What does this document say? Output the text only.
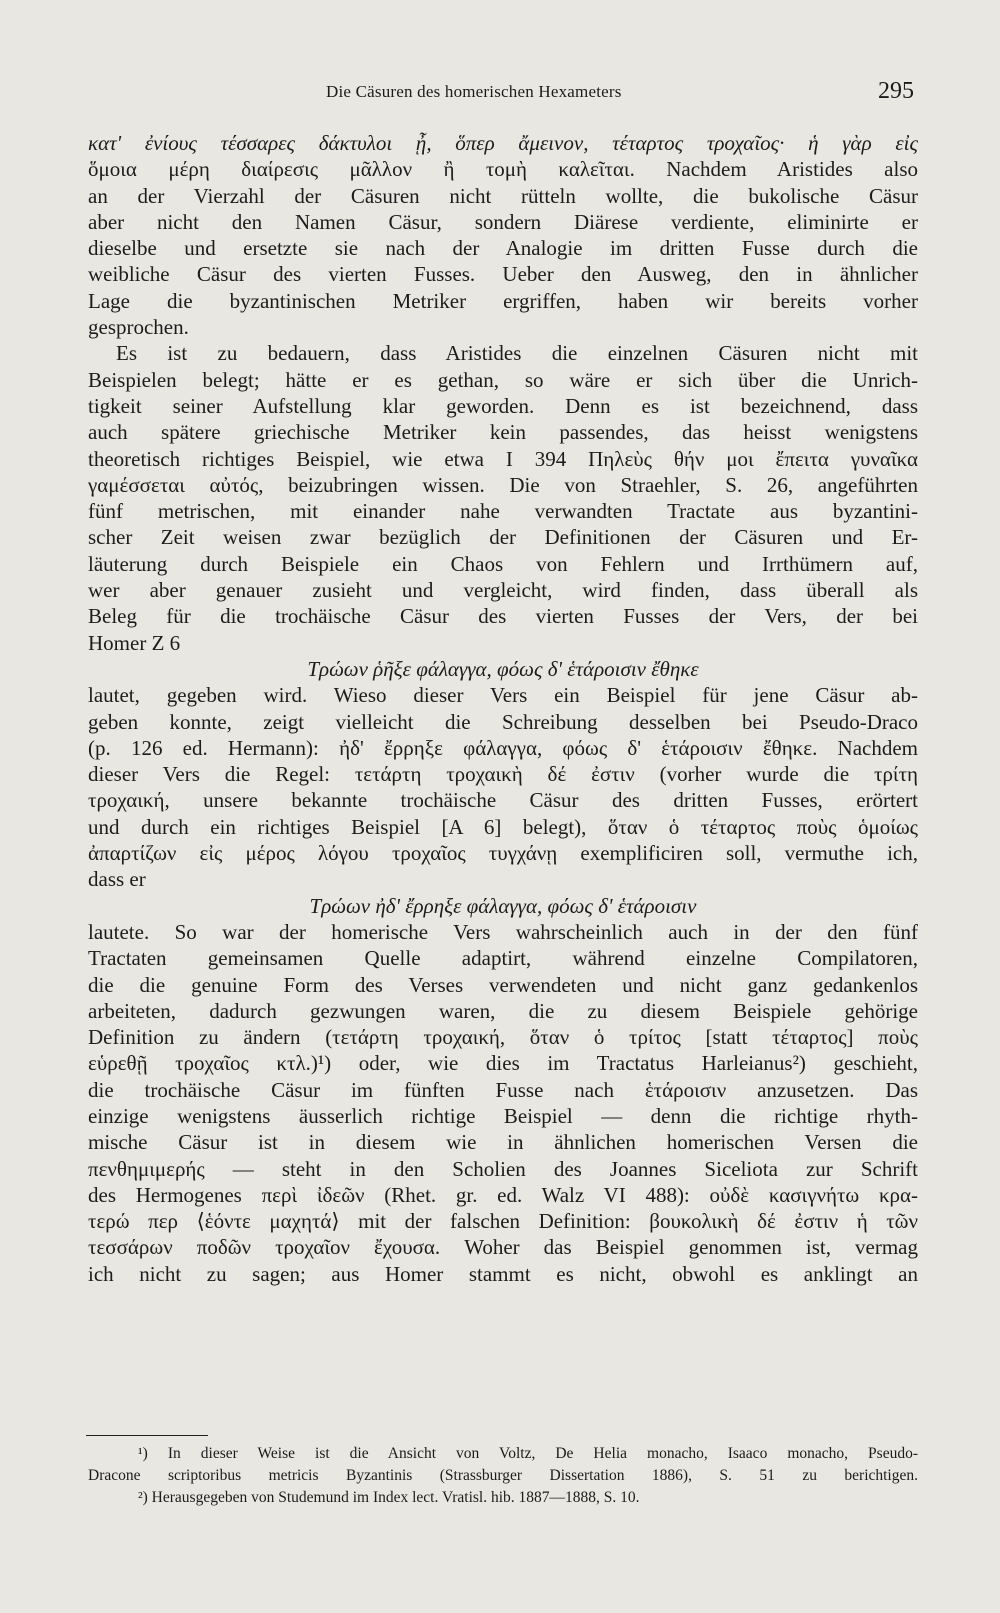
Die Cäsuren des homerischen Hexameters	295
κατ' ἐνίους τέσσαρες δάκτυλοι ᾖ, ὅπερ ἄμεινον, τέταρτος τροχαῖος· ἡ γὰρ εἰς
ὅμοια μέρη διαίρεσις μᾶλλον ἢ τομὴ καλεῖται. Nachdem Aristides also
an der Vierzahl der Cäsuren nicht rütteln wollte, die bukolische Cäsur
aber nicht den Namen Cäsur, sondern Diärese verdiente, eliminirte er
dieselbe und ersetzte sie nach der Analogie im dritten Fusse durch die
weibliche Cäsur des vierten Fusses. Ueber den Ausweg, den in ähnlicher
Lage die byzantinischen Metriker ergriffen, haben wir bereits vorher
gesprochen.
Es ist zu bedauern, dass Aristides die einzelnen Cäsuren nicht mit
Beispielen belegt; hätte er es gethan, so wäre er sich über die Unrich-
tigkeit seiner Aufstellung klar geworden. Denn es ist bezeichnend, dass
auch spätere griechische Metriker kein passendes, das heisst wenigstens
theoretisch richtiges Beispiel, wie etwa I 394 Πηλεὺς θήν μοι ἔπειτα γυναῖκα
γαμέσσεται αὐτός, beizubringen wissen. Die von Straehler, S. 26, angeführten
fünf metrischen, mit einander nahe verwandten Tractate aus byzantini-
scher Zeit weisen zwar bezüglich der Definitionen der Cäsuren und Er-
läuterung durch Beispiele ein Chaos von Fehlern und Irrthümern auf,
wer aber genauer zusieht und vergleicht, wird finden, dass überall als
Beleg für die trochäische Cäsur des vierten Fusses der Vers, der bei
Homer Z 6
Τρώων ῥῆξε φάλαγγα, φόως δ' ἑτάροισιν ἔθηκε
lautet, gegeben wird. Wieso dieser Vers ein Beispiel für jene Cäsur ab-
geben konnte, zeigt vielleicht die Schreibung desselben bei Pseudo-Draco
(p. 126 ed. Hermann): ἠδ' ἔρρηξε φάλαγγα, φόως δ' ἑτάροισιν ἔθηκε. Nachdem
dieser Vers die Regel: τετάρτη τροχαικὴ δέ ἐστιν (vorher wurde die τρίτη
τροχαική, unsere bekannte trochäische Cäsur des dritten Fusses, erörtert
und durch ein richtiges Beispiel [Α 6] belegt), ὅταν ὁ τέταρτος ποὺς ὁμοίως
ἀπαρτίζων εἰς μέρος λόγου τροχαῖος τυγχάνῃ exemplificiren soll, vermuthe ich,
dass er
Τρώων ἠδ' ἔρρηξε φάλαγγα, φόως δ' ἑτάροισιν
lautete. So war der homerische Vers wahrscheinlich auch in der den fünf
Tractaten gemeinsamen Quelle adaptirt, während einzelne Compilatoren,
die die genuine Form des Verses verwendeten und nicht ganz gedankenlos
arbeiteten, dadurch gezwungen waren, die zu diesem Beispiele gehörige
Definition zu ändern (τετάρτη τροχαική, ὅταν ὁ τρίτος [statt τέταρτος] ποὺς
εὑρεθῇ τροχαῖος κτλ.)¹) oder, wie dies im Tractatus Harleianus²) geschieht,
die trochäische Cäsur im fünften Fusse nach ἑτάροισιν anzusetzen. Das
einzige wenigstens äusserlich richtige Beispiel — denn die richtige rhyth-
mische Cäsur ist in diesem wie in ähnlichen homerischen Versen die
πενθημιμερής — steht in den Scholien des Joannes Siceliota zur Schrift
des Hermogenes περὶ ἰδεῶν (Rhet. gr. ed. Walz VI 488): οὐδὲ κασιγνήτω κρα-
τερώ περ ⟨ἑόντε μαχητά⟩ mit der falschen Definition: βουκολικὴ δέ ἐστιν ἡ τῶν
τεσσάρων ποδῶν τροχαῖον ἔχουσα. Woher das Beispiel genommen ist, vermag
ich nicht zu sagen; aus Homer stammt es nicht, obwohl es anklingt an
¹) In dieser Weise ist die Ansicht von Voltz, De Helia monacho, Isaaco monacho, Pseudo-
Dracone scriptoribus metricis Byzantinis (Strassburger Dissertation 1886), S. 51 zu berichtigen.
²) Herausgegeben von Studemund im Index lect. Vratisl. hib. 1887—1888, S. 10.
